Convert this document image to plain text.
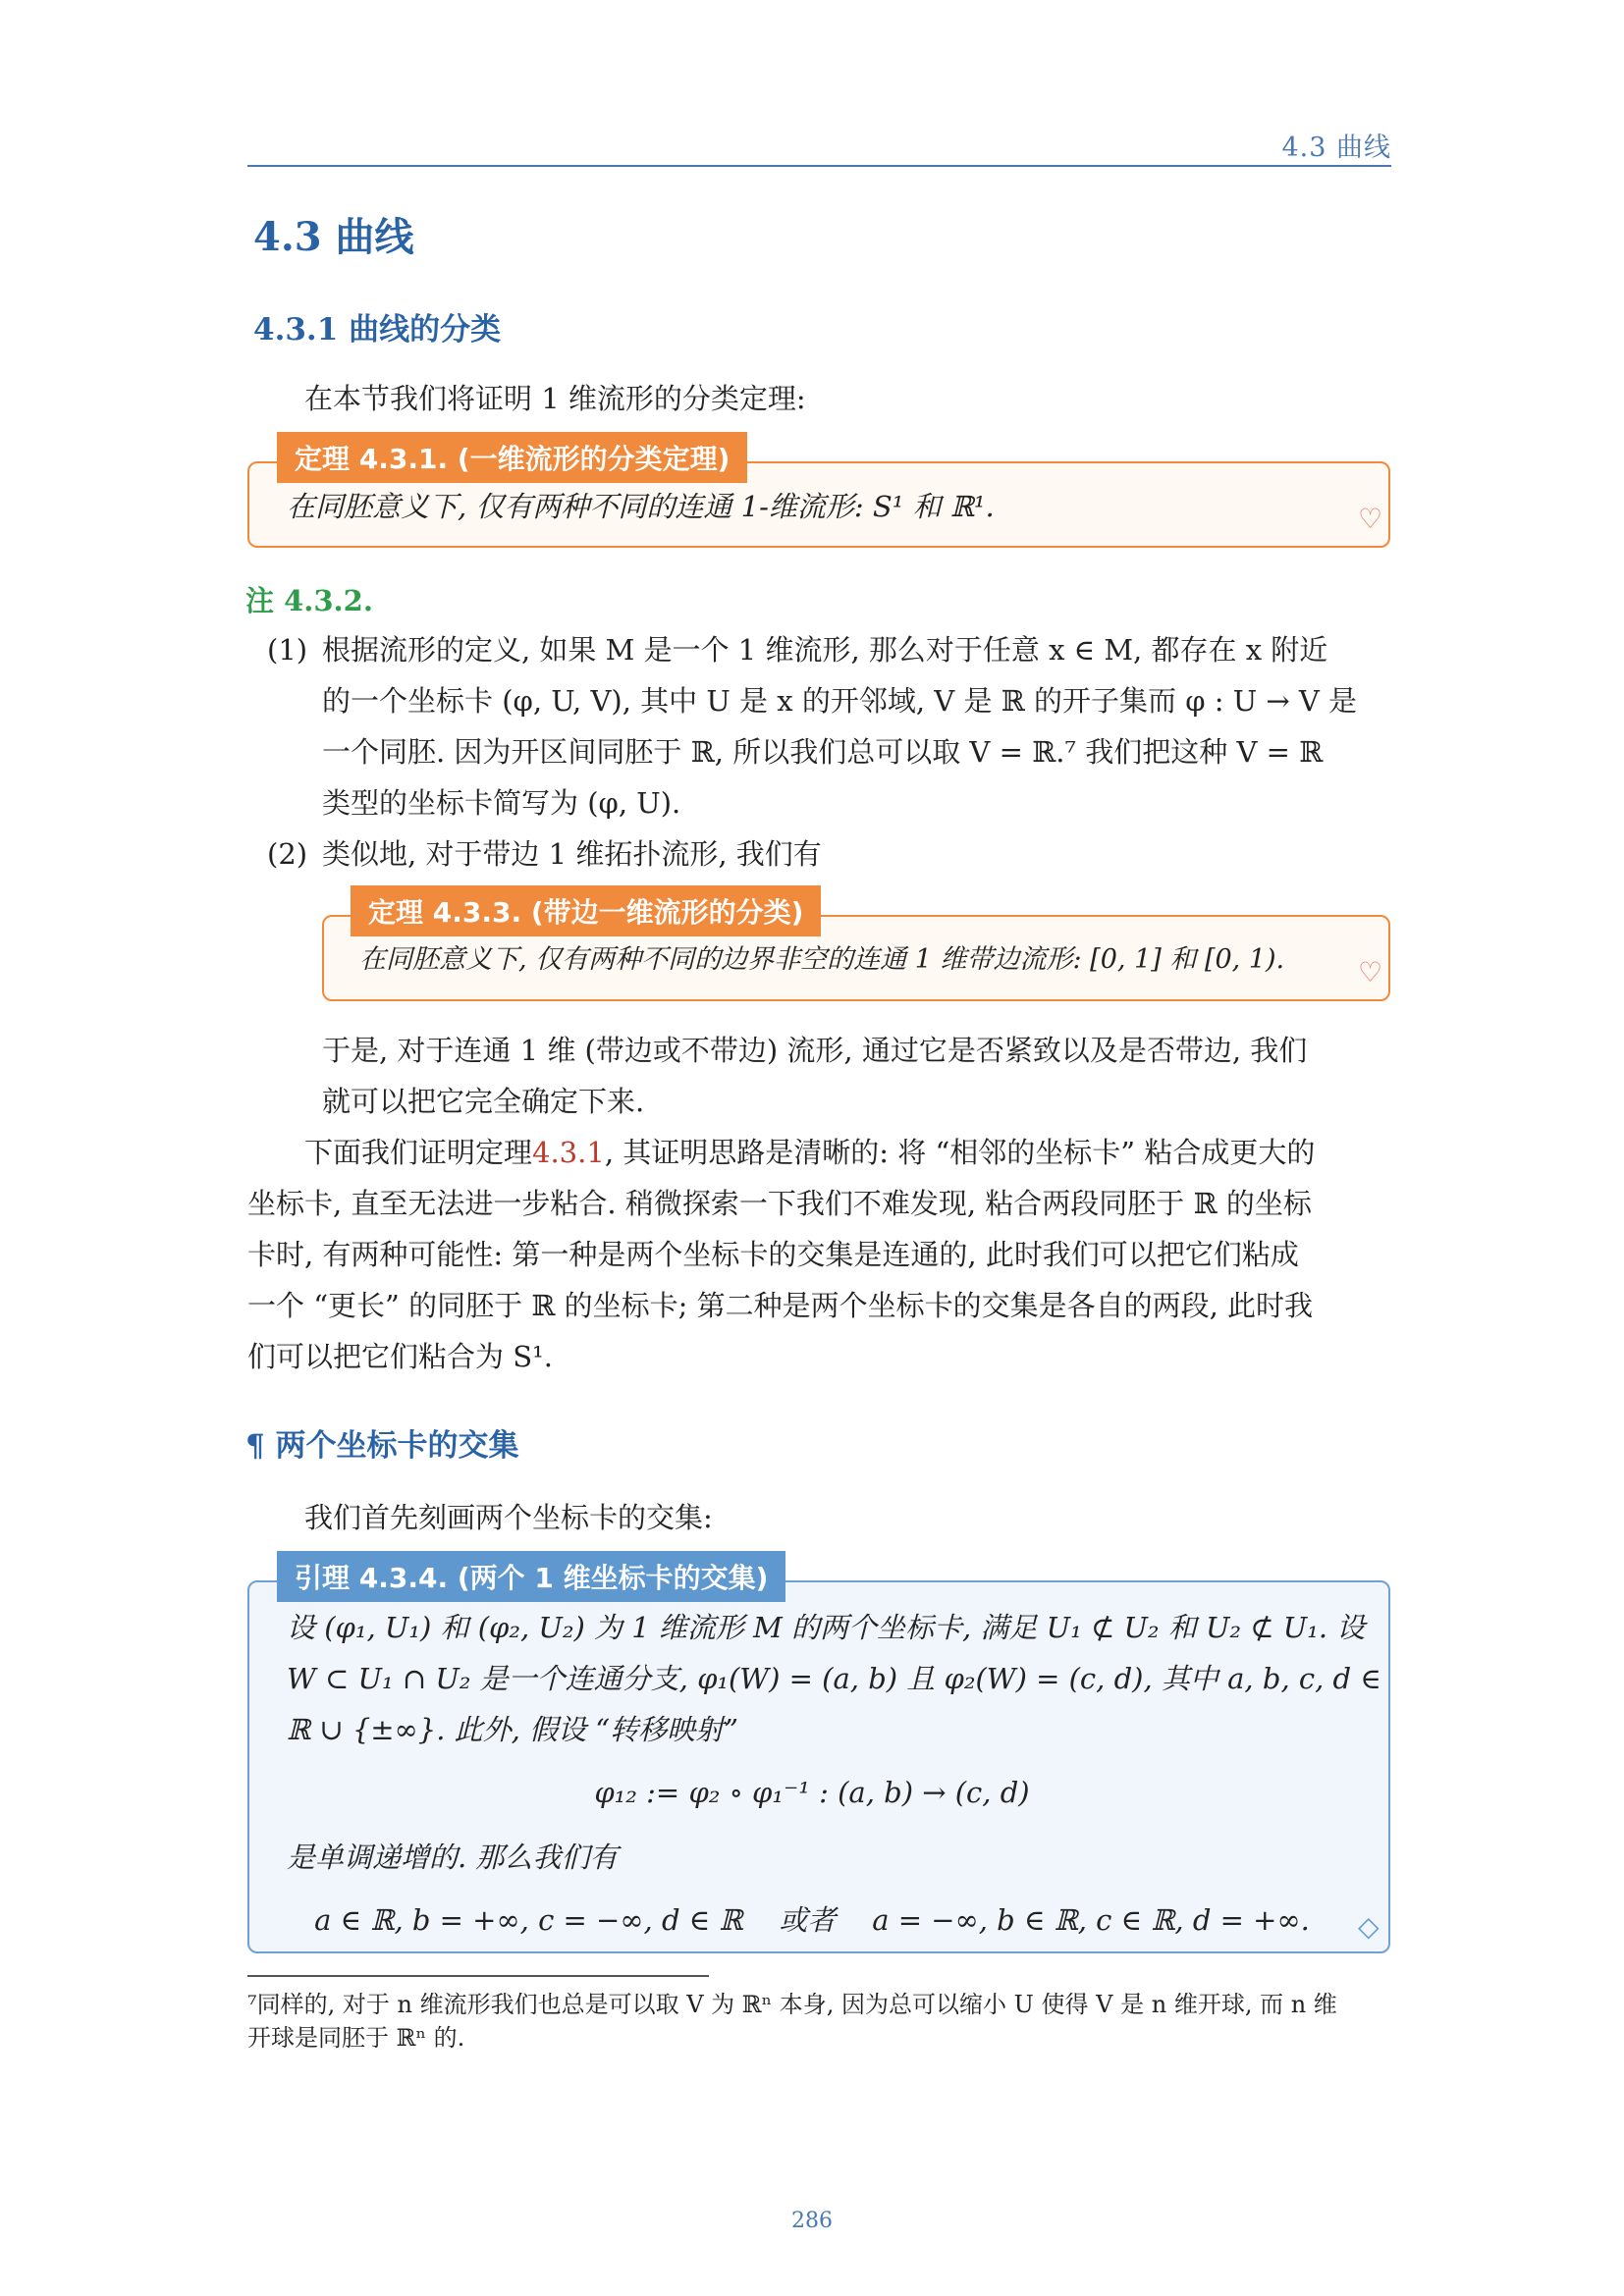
4.3 曲线
4.3 曲线
4.3.1 曲线的分类
在本节我们将证明 1 维流形的分类定理:
定理 4.3.1. (一维流形的分类定理)
在同胚意义下, 仅有两种不同的连通 1-维流形: S¹ 和 ℝ¹.	♡
注 4.3.2.
(1) 根据流形的定义, 如果 M 是一个 1 维流形, 那么对于任意 x ∈ M, 都存在 x 附近
的一个坐标卡 (φ, U, V), 其中 U 是 x 的开邻域, V 是 ℝ 的开子集而 φ : U → V 是
一个同胚. 因为开区间同胚于 ℝ, 所以我们总可以取 V = ℝ.⁷ 我们把这种 V = ℝ
类型的坐标卡简写为 (φ, U).
(2) 类似地, 对于带边 1 维拓扑流形, 我们有
定理 4.3.3. (带边一维流形的分类)
在同胚意义下, 仅有两种不同的边界非空的连通 1 维带边流形: [0, 1] 和 [0, 1).	♡
于是, 对于连通 1 维 (带边或不带边) 流形, 通过它是否紧致以及是否带边, 我们
就可以把它完全确定下来.
下面我们证明定理4.3.1, 其证明思路是清晰的: 将 “相邻的坐标卡” 粘合成更大的
坐标卡, 直至无法进一步粘合. 稍微探索一下我们不难发现, 粘合两段同胚于 ℝ 的坐标
卡时, 有两种可能性: 第一种是两个坐标卡的交集是连通的, 此时我们可以把它们粘成
一个 “更长” 的同胚于 ℝ 的坐标卡; 第二种是两个坐标卡的交集是各自的两段, 此时我
们可以把它们粘合为 S¹.
¶ 两个坐标卡的交集
我们首先刻画两个坐标卡的交集:
引理 4.3.4. (两个 1 维坐标卡的交集)
设 (φ₁, U₁) 和 (φ₂, U₂) 为 1 维流形 M 的两个坐标卡, 满足 U₁ ⊄ U₂ 和 U₂ ⊄ U₁. 设
W ⊂ U₁ ∩ U₂ 是一个连通分支, φ₁(W) = (a, b) 且 φ₂(W) = (c, d), 其中 a, b, c, d ∈
ℝ ∪ {±∞}. 此外, 假设 “转移映射”
φ₁₂ := φ₂ ∘ φ₁⁻¹ : (a, b) → (c, d)
是单调递增的. 那么我们有
a ∈ ℝ, b = +∞, c = −∞, d ∈ ℝ    或者    a = −∞, b ∈ ℝ, c ∈ ℝ, d = +∞.	◇
⁷同样的, 对于 n 维流形我们也总是可以取 V 为 ℝⁿ 本身, 因为总可以缩小 U 使得 V 是 n 维开球, 而 n 维
开球是同胚于 ℝⁿ 的.
286
